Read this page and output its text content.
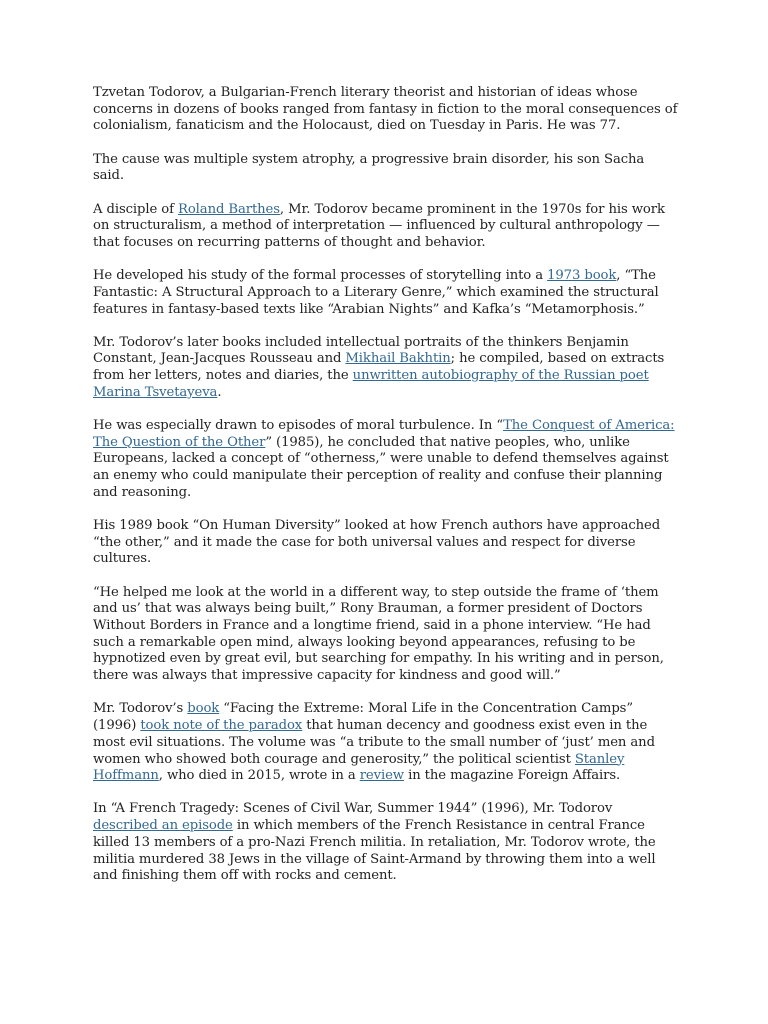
Tzvetan Todorov, a Bulgarian-French literary theorist and historian of ideas whose concerns in dozens of books ranged from fantasy in fiction to the moral consequences of colonialism, fanaticism and the Holocaust, died on Tuesday in Paris. He was 77.

The cause was multiple system atrophy, a progressive brain disorder, his son Sacha said.

A disciple of Roland Barthes, Mr. Todorov became prominent in the 1970s for his work on structuralism, a method of interpretation — influenced by cultural anthropology — that focuses on recurring patterns of thought and behavior.

He developed his study of the formal processes of storytelling into a 1973 book, “The Fantastic: A Structural Approach to a Literary Genre,” which examined the structural features in fantasy-based texts like “Arabian Nights” and Kafka’s “Metamorphosis.”

Mr. Todorov’s later books included intellectual portraits of the thinkers Benjamin Constant, Jean-Jacques Rousseau and Mikhail Bakhtin; he compiled, based on extracts from her letters, notes and diaries, the unwritten autobiography of the Russian poet Marina Tsvetayeva.

He was especially drawn to episodes of moral turbulence. In “The Conquest of America: The Question of the Other” (1985), he concluded that native peoples, who, unlike Europeans, lacked a concept of “otherness,” were unable to defend themselves against an enemy who could manipulate their perception of reality and confuse their planning and reasoning.

His 1989 book “On Human Diversity” looked at how French authors have approached “the other,” and it made the case for both universal values and respect for diverse cultures.

“He helped me look at the world in a different way, to step outside the frame of ‘them and us’ that was always being built,” Rony Brauman, a former president of Doctors Without Borders in France and a longtime friend, said in a phone interview. “He had such a remarkable open mind, always looking beyond appearances, refusing to be hypnotized even by great evil, but searching for empathy. In his writing and in person, there was always that impressive capacity for kindness and good will.”

Mr. Todorov’s book “Facing the Extreme: Moral Life in the Concentration Camps” (1996) took note of the paradox that human decency and goodness exist even in the most evil situations. The volume was “a tribute to the small number of ‘just’ men and women who showed both courage and generosity,” the political scientist Stanley Hoffmann, who died in 2015, wrote in a review in the magazine Foreign Affairs.

In “A French Tragedy: Scenes of Civil War, Summer 1944” (1996), Mr. Todorov described an episode in which members of the French Resistance in central France killed 13 members of a pro-Nazi French militia. In retaliation, Mr. Todorov wrote, the militia murdered 38 Jews in the village of Saint-Armand by throwing them into a well and finishing them off with rocks and cement.
